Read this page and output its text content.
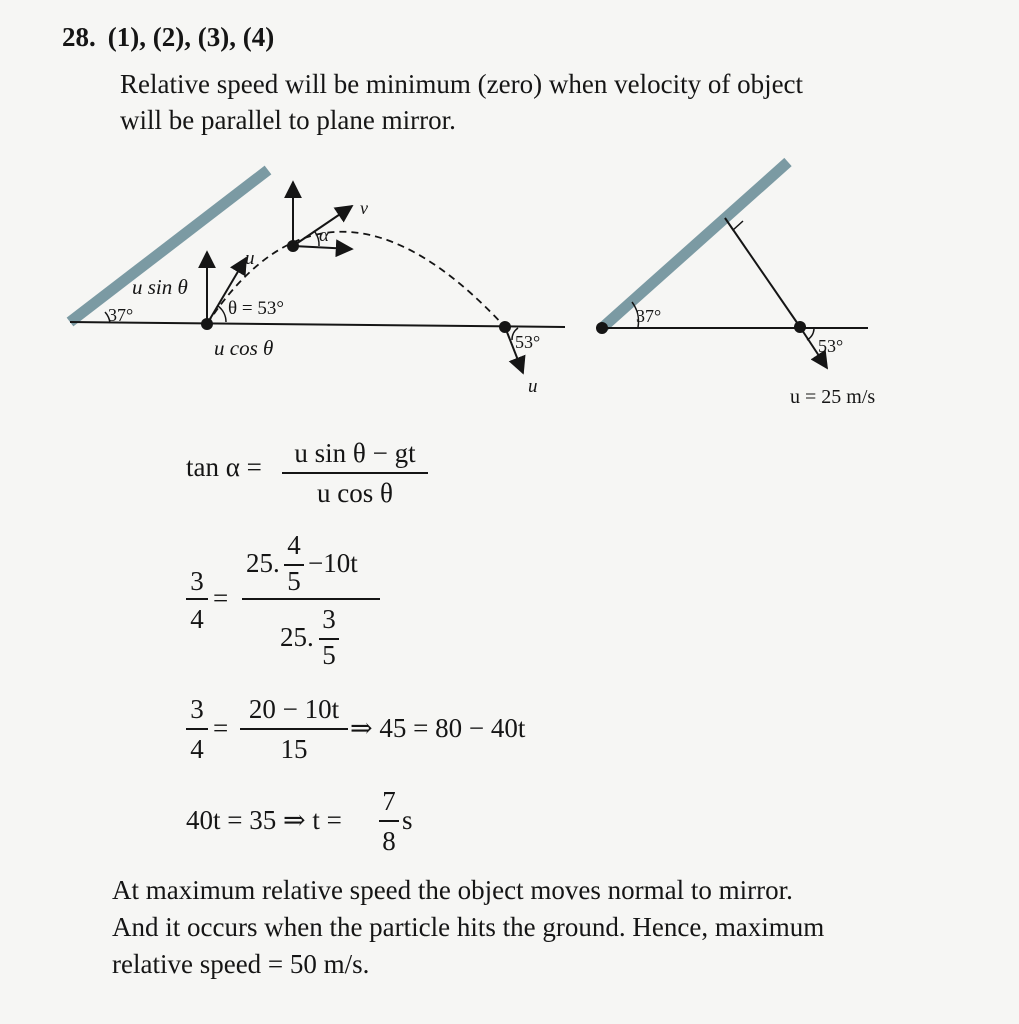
28. (1), (2), (3), (4)
Relative speed will be minimum (zero) when velocity of object
will be parallel to plane mirror.
37°
u sin θ
u
θ = 53°
u cos θ
v
α
53°
u
37°
53°
u = 25 m/s
tan α =	u sin θ − gt
u cos θ
3
4
=
25.
4
5
−10t
25.
3
5
3
4
=
20 − 10t
15
⇒ 45 = 80 − 40t
40t = 35 ⇒ t =
7
8
s
At maximum relative speed the object moves normal to mirror.
And it occurs when the particle hits the ground. Hence, maximum
relative speed = 50 m/s.
